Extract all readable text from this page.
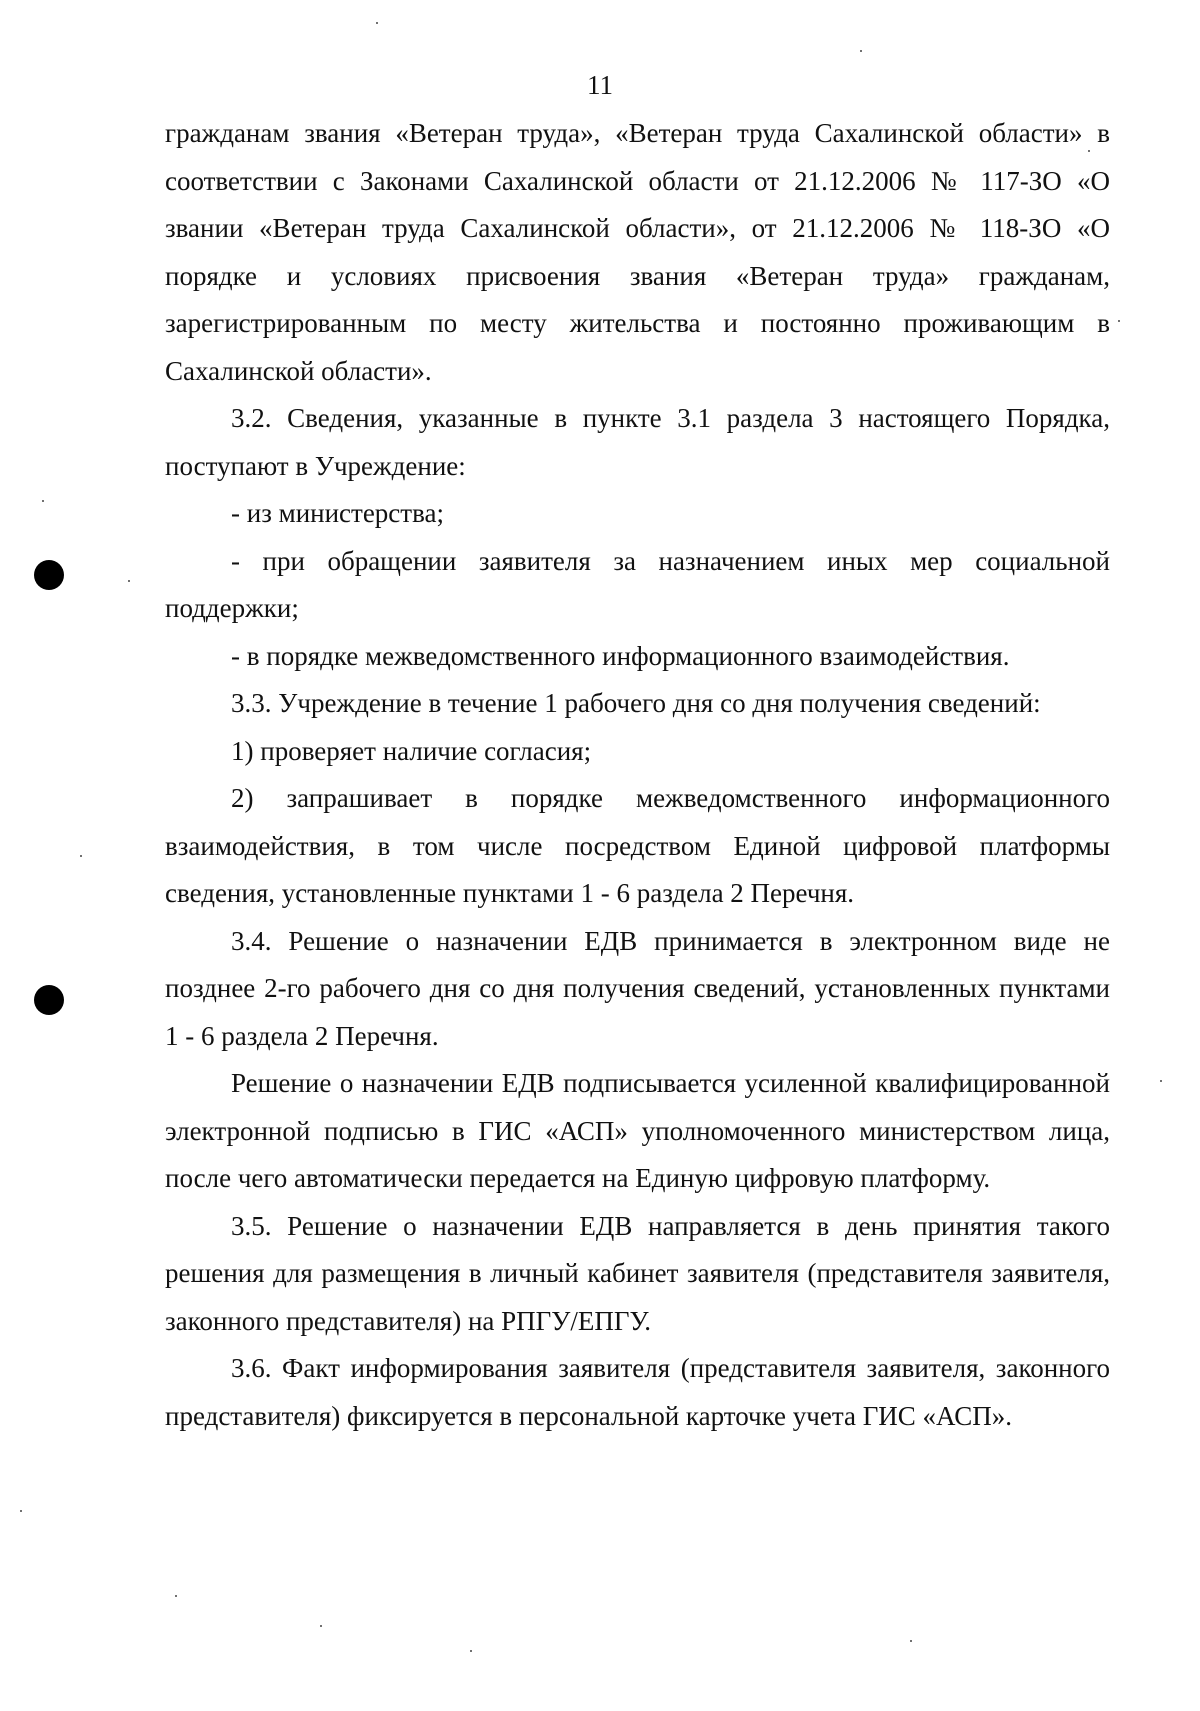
11

гражданам звания «Ветеран труда», «Ветеран труда Сахалинской области» в соответствии с Законами Сахалинской области от 21.12.2006 № 117-ЗО «О звании «Ветеран труда Сахалинской области», от 21.12.2006 № 118-ЗО «О порядке и условиях присвоения звания «Ветеран труда» гражданам, зарегистрированным по месту жительства и постоянно проживающим в Сахалинской области».

3.2. Сведения, указанные в пункте 3.1 раздела 3 настоящего Порядка, поступают в Учреждение:

- из министерства;

- при обращении заявителя за назначением иных мер социальной поддержки;

- в порядке межведомственного информационного взаимодействия.

3.3. Учреждение в течение 1 рабочего дня со дня получения сведений:

1) проверяет наличие согласия;

2) запрашивает в порядке межведомственного информационного взаимодействия, в том числе посредством Единой цифровой платформы сведения, установленные пунктами 1 - 6 раздела 2 Перечня.

3.4. Решение о назначении ЕДВ принимается в электронном виде не позднее 2-го рабочего дня со дня получения сведений, установленных пунктами 1 - 6 раздела 2 Перечня.

Решение о назначении ЕДВ подписывается усиленной квалифицированной электронной подписью в ГИС «АСП» уполномоченного министерством лица, после чего автоматически передается на Единую цифровую платформу.

3.5. Решение о назначении ЕДВ направляется в день принятия такого решения для размещения в личный кабинет заявителя (представителя заявителя, законного представителя) на РПГУ/ЕПГУ.

3.6. Факт информирования заявителя (представителя заявителя, законного представителя) фиксируется в персональной карточке учета ГИС «АСП».
